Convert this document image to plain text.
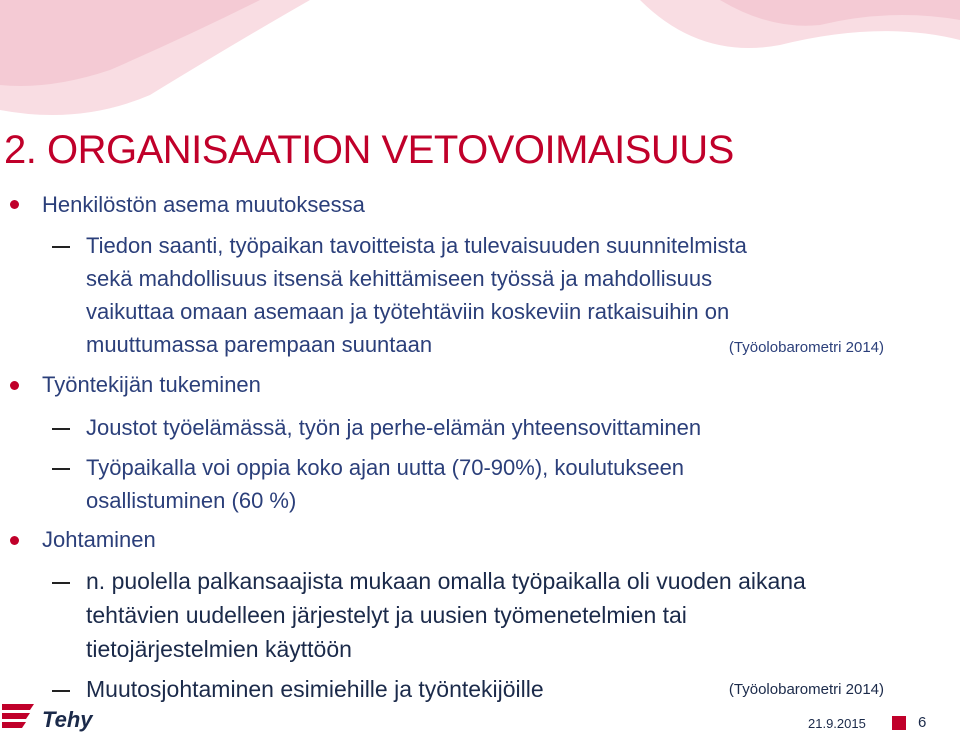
2. ORGANISAATION VETOVOIMAISUUS

Henkilöstön asema muutoksessa

Tiedon saanti, työpaikan tavoitteista ja tulevaisuuden suunnitelmista
sekä mahdollisuus itsensä kehittämiseen työssä ja mahdollisuus
vaikuttaa omaan asemaan ja työtehtäviin koskeviin ratkaisuihin on
muuttumassa parempaan suuntaan	(Työolobarometri 2014)

Työntekijän tukeminen

Joustot työelämässä, työn ja perhe-elämän yhteensovittaminen

Työpaikalla voi oppia koko ajan uutta (70-90%), koulutukseen
osallistuminen (60 %)

Johtaminen

n. puolella palkansaajista mukaan omalla työpaikalla oli vuoden aikana
tehtävien uudelleen järjestelyt ja uusien työmenetelmien tai
tietojärjestelmien käyttöön

Muutosjohtaminen esimiehille ja työntekijöille	(Työolobarometri 2014)
Tehy	21.9.2015	6
